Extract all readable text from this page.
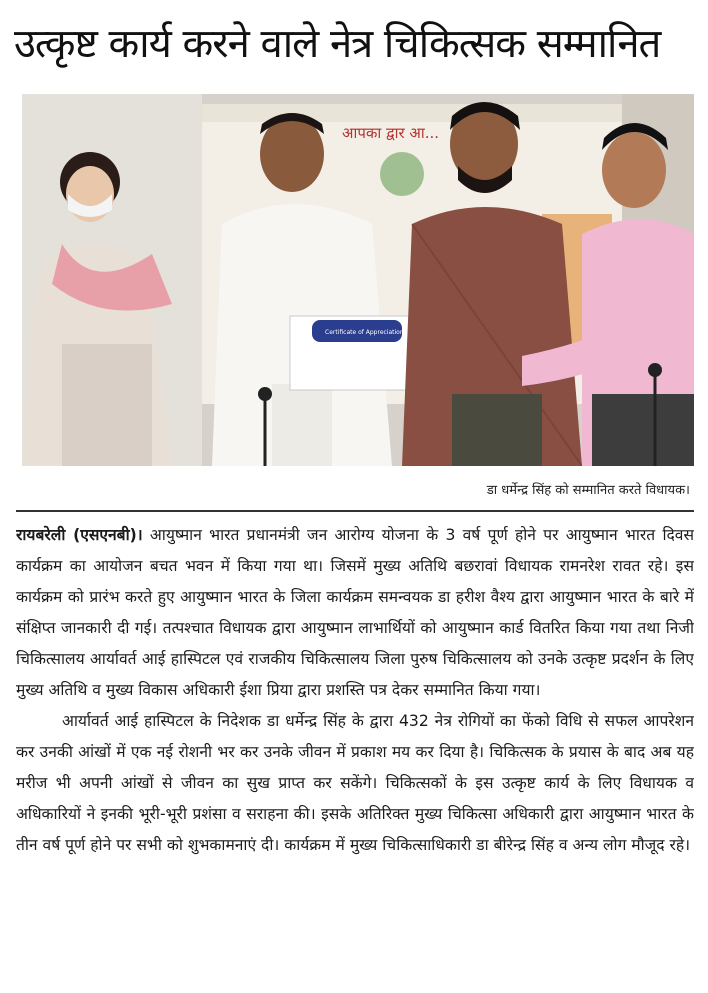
उत्कृष्ट कार्य करने वाले नेत्र चिकित्सक सम्मानित
आपका द्वार आ...
Certificate of Appreciation
डा धर्मेन्द्र सिंह को सम्मानित करते विधायक।

रायबरेली (एसएनबी)। आयुष्मान भारत प्रधानमंत्री जन आरोग्य योजना के 3 वर्ष पूर्ण होने पर आयुष्मान भारत दिवस कार्यक्रम का आयोजन बचत भवन में किया गया था। जिसमें मुख्य अतिथि बछरावां विधायक रामनरेश रावत रहे। इस कार्यक्रम को प्रारंभ करते हुए आयुष्मान भारत के जिला कार्यक्रम समन्वयक डा हरीश वैश्य द्वारा आयुष्मान भारत के बारे में संक्षिप्त जानकारी दी गई। तत्पश्चात विधायक द्वारा आयुष्मान लाभार्थियों को आयुष्मान कार्ड वितरित किया गया तथा निजी चिकित्सालय आर्यावर्त आई हास्पिटल एवं राजकीय चिकित्सालय जिला पुरुष चिकित्सालय को उनके उत्कृष्ट प्रदर्शन के लिए मुख्य अतिथि व मुख्य विकास अधिकारी ईशा प्रिया द्वारा प्रशस्ति पत्र देकर सम्मानित किया गया।

आर्यावर्त आई हास्पिटल के निदेशक डा धर्मेन्द्र सिंह के द्वारा 432 नेत्र रोगियों का फेंको विधि से सफल आपरेशन कर उनकी आंखों में एक नई रोशनी भर कर उनके जीवन में प्रकाश मय कर दिया है। चिकित्सक के प्रयास के बाद अब यह मरीज भी अपनी आंखों से जीवन का सुख प्राप्त कर सकेंगे। चिकित्सकों के इस उत्कृष्ट कार्य के लिए विधायक व अधिकारियों ने इनकी भूरी-भूरी प्रशंसा व सराहना की। इसके अतिरिक्त मुख्य चिकित्सा अधिकारी द्वारा आयुष्मान भारत के तीन वर्ष पूर्ण होने पर सभी को शुभकामनाएं दी। कार्यक्रम में मुख्य चिकित्साधिकारी डा बीरेन्द्र सिंह व अन्य लोग मौजूद रहे।
